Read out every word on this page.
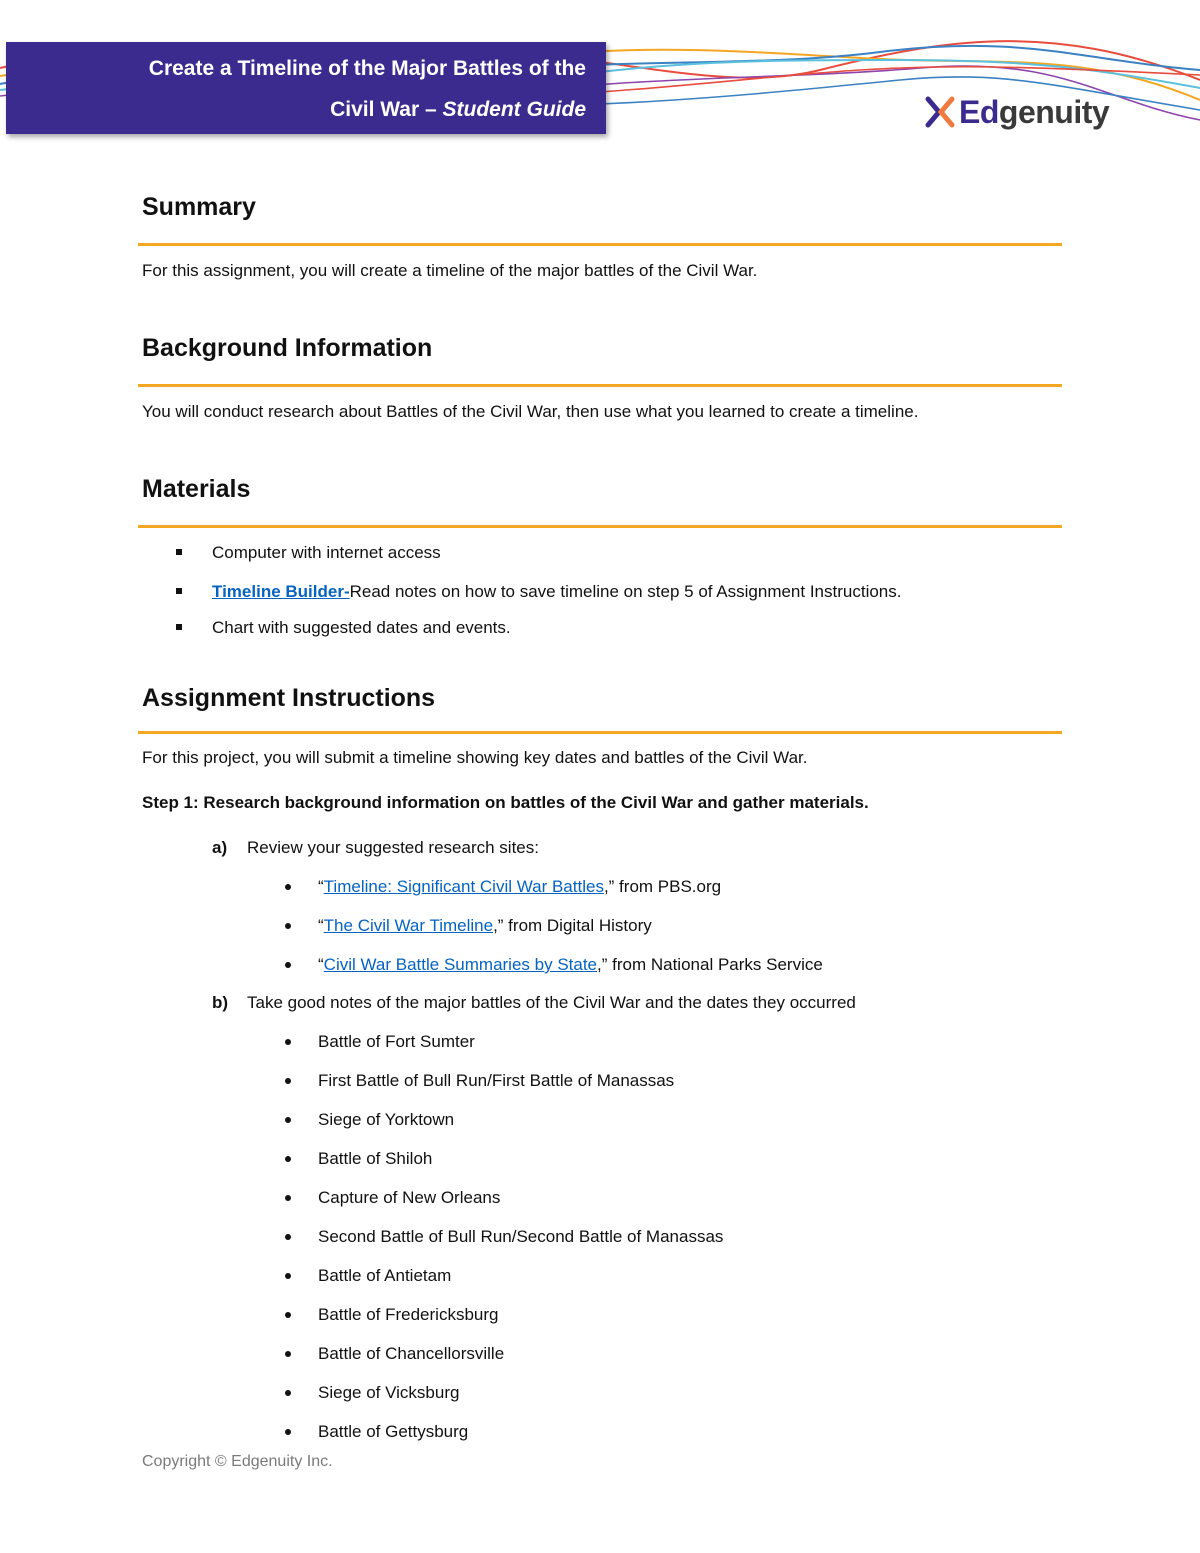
Create a Timeline of the Major Battles of the
Civil War – Student Guide	Edgenuity
Summary
For this assignment, you will create a timeline of the major battles of the Civil War.
Background Information
You will conduct research about Battles of the Civil War, then use what you learned to create a timeline.
Materials
Computer with internet access
Timeline Builder-Read notes on how to save timeline on step 5 of Assignment Instructions.
Chart with suggested dates and events.
Assignment Instructions
For this project, you will submit a timeline showing key dates and battles of the Civil War.
Step 1: Research background information on battles of the Civil War and gather materials.
a) Review your suggested research sites:
“Timeline: Significant Civil War Battles,” from PBS.org
“The Civil War Timeline,” from Digital History
“Civil War Battle Summaries by State,” from National Parks Service
b) Take good notes of the major battles of the Civil War and the dates they occurred
Battle of Fort Sumter
First Battle of Bull Run/First Battle of Manassas
Siege of Yorktown
Battle of Shiloh
Capture of New Orleans
Second Battle of Bull Run/Second Battle of Manassas
Battle of Antietam
Battle of Fredericksburg
Battle of Chancellorsville
Siege of Vicksburg
Battle of Gettysburg
Copyright © Edgenuity Inc.
